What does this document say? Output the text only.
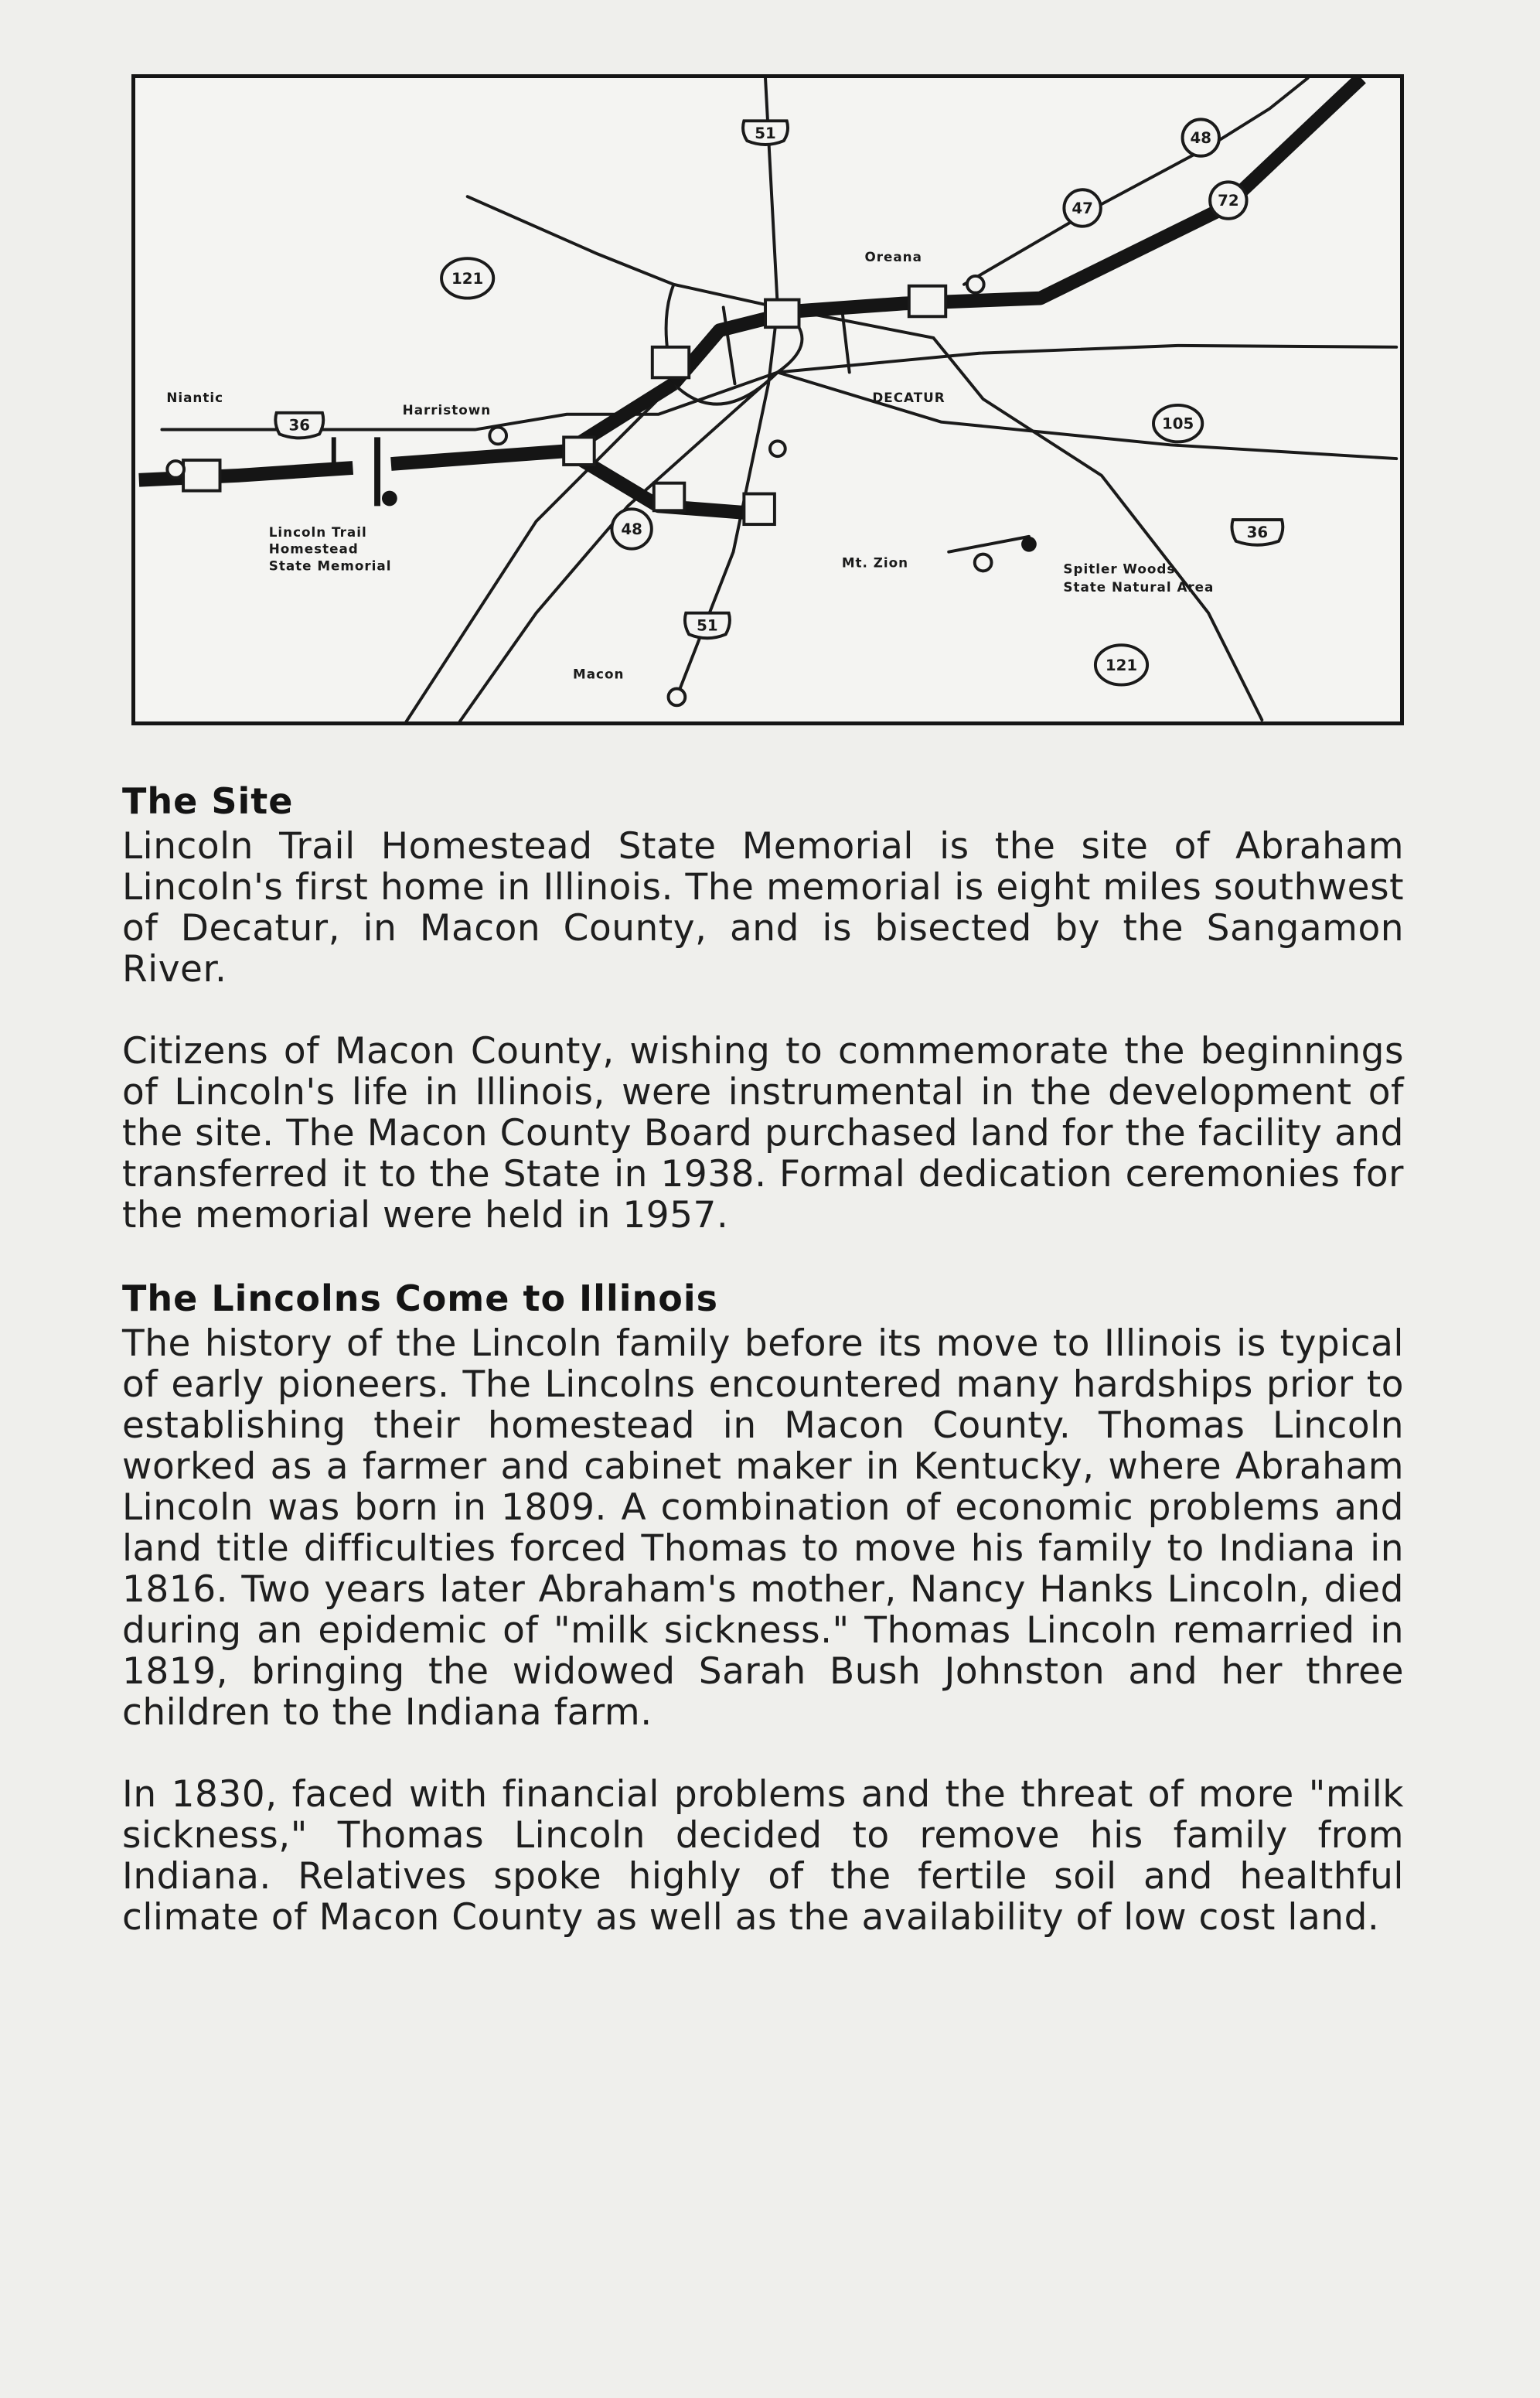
48
47	72
121
105
48
121
51
36
36
51
Niantic
Harristown
Lincoln Trail
Homestead
State Memorial
Oreana
DECATUR
Mt. Zion	Spitler Woods
State Natural Area
Macon
The Site

Lincoln Trail Homestead State Memorial is the site of Abraham Lincoln's first home in Illinois. The memorial is eight miles southwest of Decatur, in Macon County, and is bisected by the Sangamon River.

Citizens of Macon County, wishing to commemorate the beginnings of Lincoln's life in Illinois, were instrumental in the development of the site. The Macon County Board purchased land for the facility and transferred it to the State in 1938. Formal dedication ceremonies for the memorial were held in 1957.

The Lincolns Come to Illinois

The history of the Lincoln family before its move to Illinois is typical of early pioneers. The Lincolns encountered many hardships prior to establishing their homestead in Macon County. Thomas Lincoln worked as a farmer and cabinet maker in Kentucky, where Abraham Lincoln was born in 1809. A combination of economic problems and land title difficulties forced Thomas to move his family to Indiana in 1816. Two years later Abraham's mother, Nancy Hanks Lincoln, died during an epidemic of "milk sickness." Thomas Lincoln remarried in 1819, bringing the widowed Sarah Bush Johnston and her three children to the Indiana farm.

In 1830, faced with financial problems and the threat of more "milk sickness," Thomas Lincoln decided to remove his family from Indiana. Relatives spoke highly of the fertile soil and healthful climate of Macon County as well as the availability of low cost land.
